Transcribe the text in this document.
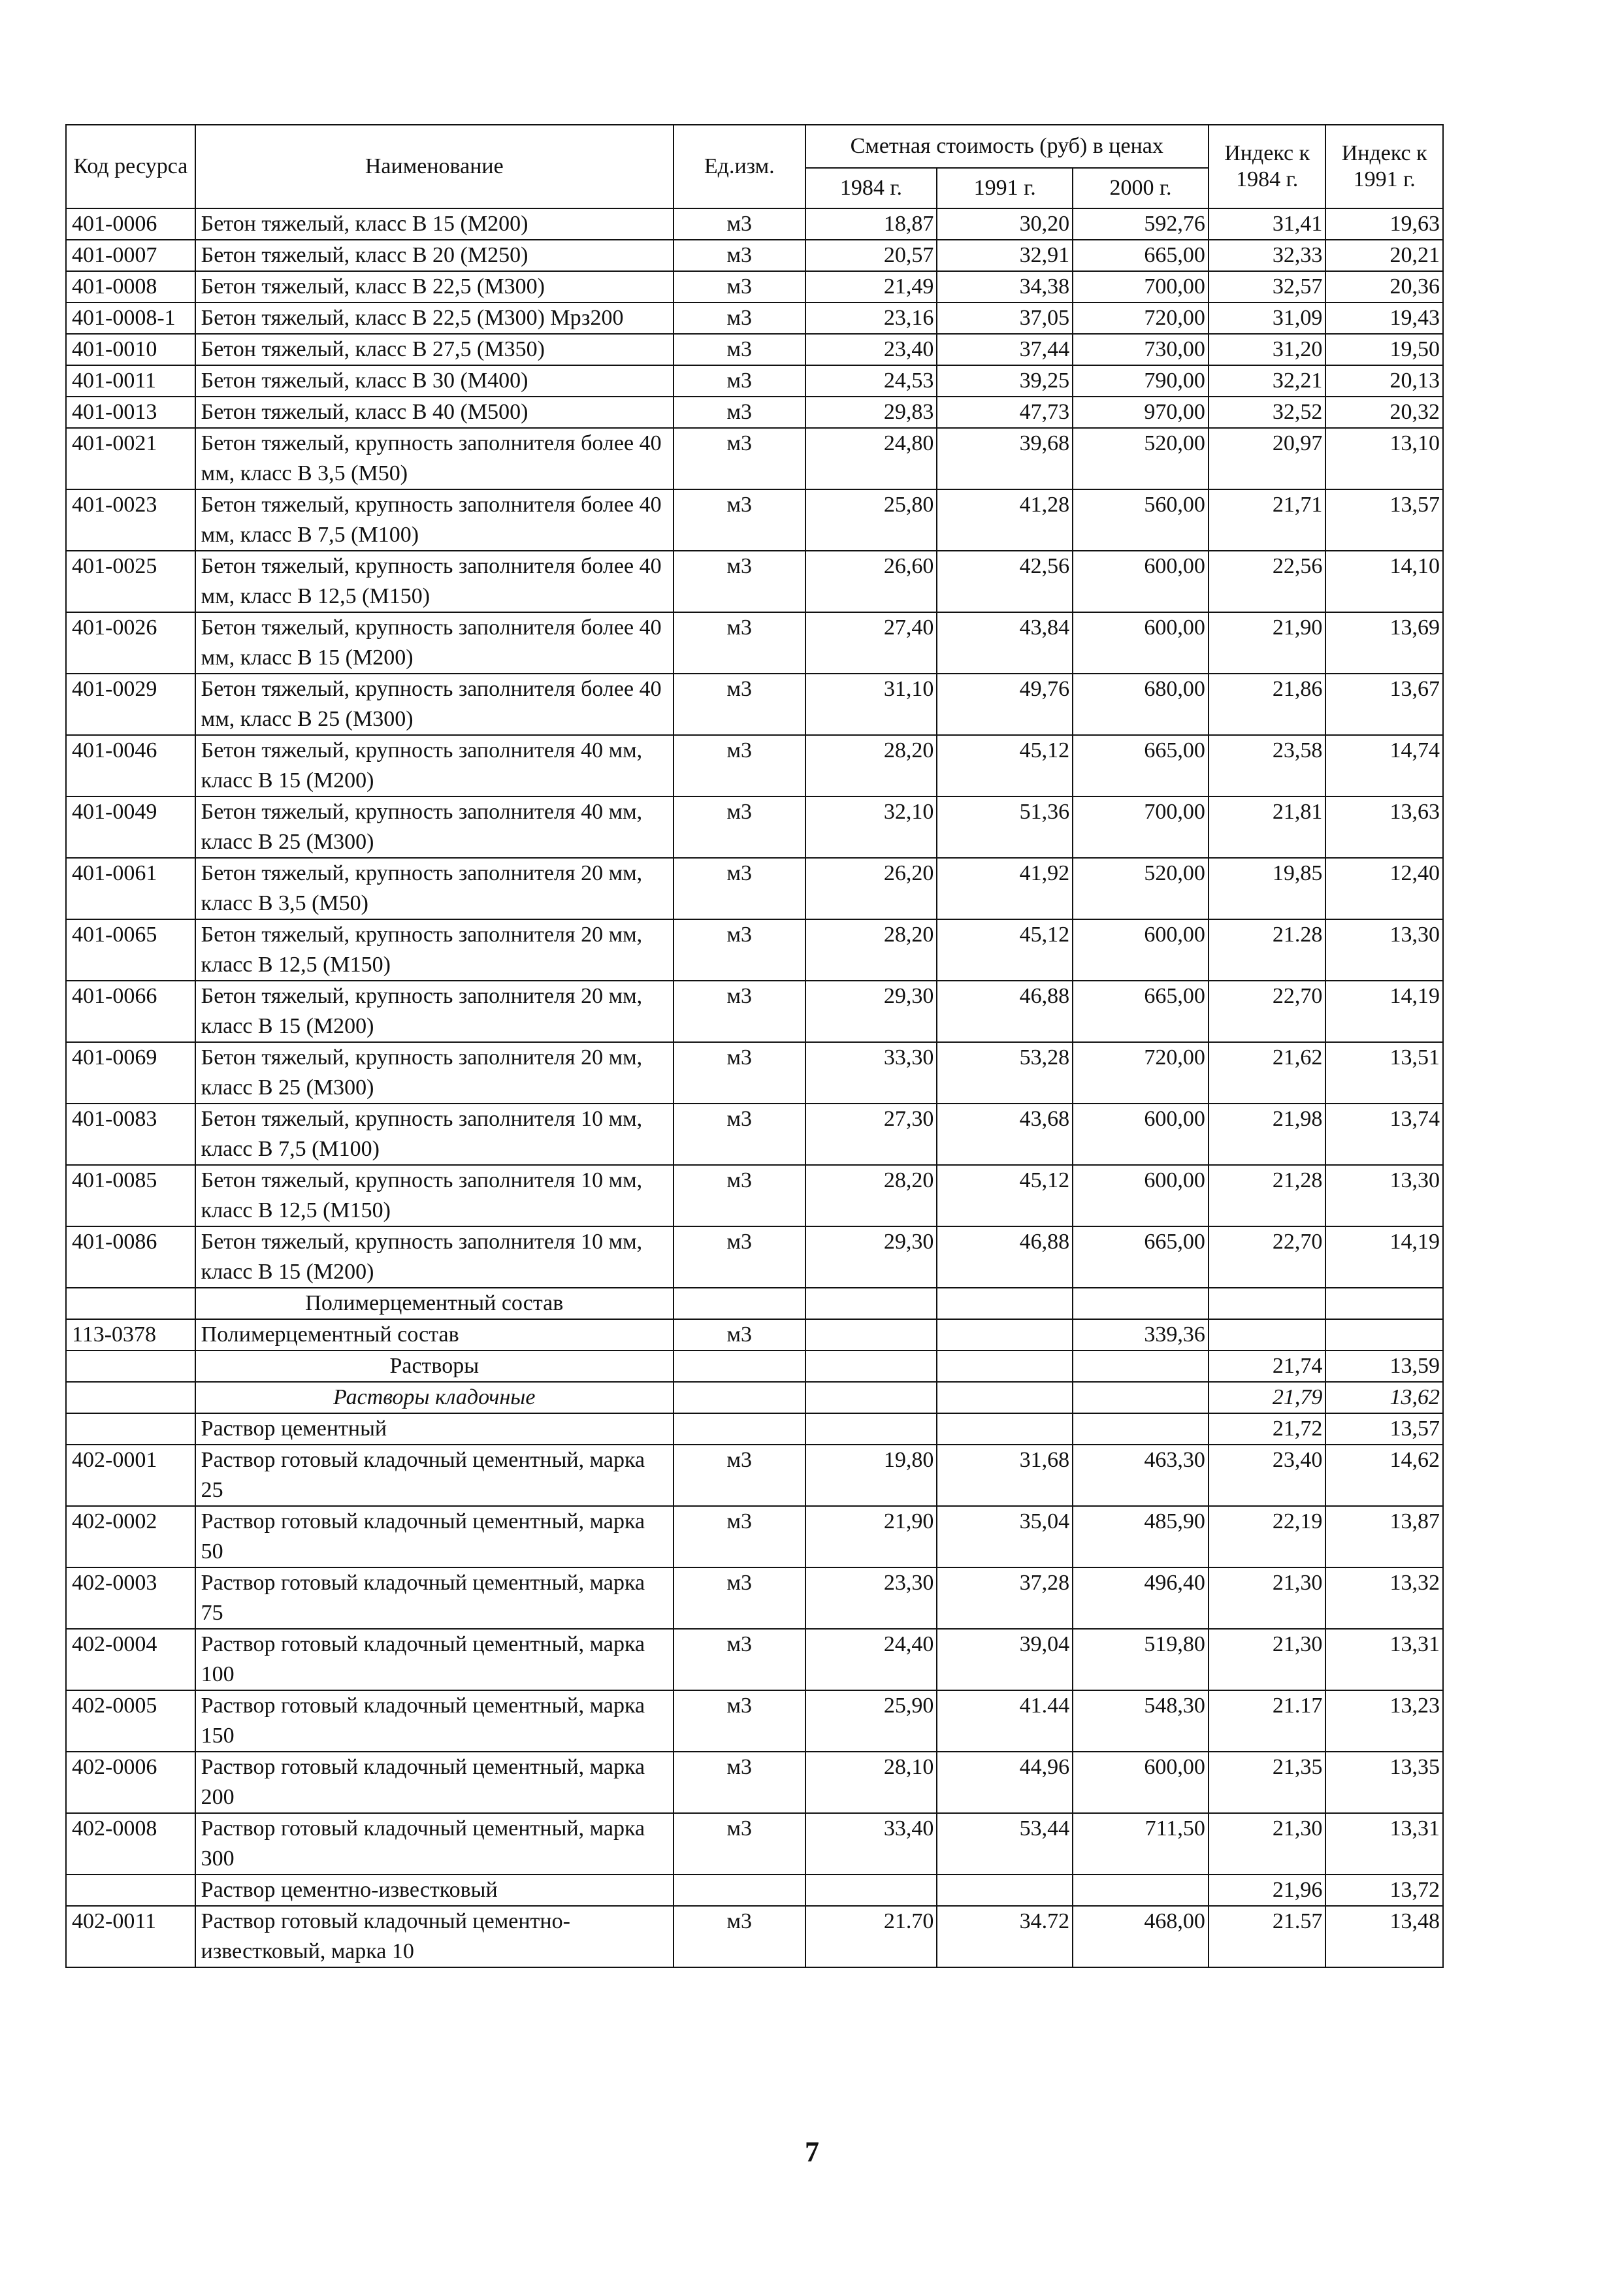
Код ресурса	Наименование	Ед.изм.	Сметная стоимость (руб) в ценах			Индекс к 1984 г.	Индекс к 1991 г.
			1984 г.	1991 г.	2000 г.		
401-0006	Бетон тяжелый, класс В 15 (М200)	м3	18,87	30,20	592,76	31,41	19,63
401-0007	Бетон тяжелый, класс В 20 (М250)	м3	20,57	32,91	665,00	32,33	20,21
401-0008	Бетон тяжелый, класс В 22,5 (М300)	м3	21,49	34,38	700,00	32,57	20,36
401-0008-1	Бетон тяжелый, класс В 22,5 (М300) Мрз200	м3	23,16	37,05	720,00	31,09	19,43
401-0010	Бетон тяжелый, класс В 27,5 (М350)	м3	23,40	37,44	730,00	31,20	19,50
401-0011	Бетон тяжелый, класс В 30 (М400)	м3	24,53	39,25	790,00	32,21	20,13
401-0013	Бетон тяжелый, класс В 40 (М500)	м3	29,83	47,73	970,00	32,52	20,32
401-0021	Бетон тяжелый, крупность заполнителя более 40 мм, класс В 3,5 (М50)	м3	24,80	39,68	520,00	20,97	13,10
401-0023	Бетон тяжелый, крупность заполнителя более 40 мм, класс В 7,5 (М100)	м3	25,80	41,28	560,00	21,71	13,57
401-0025	Бетон тяжелый, крупность заполнителя более 40 мм, класс В 12,5 (М150)	м3	26,60	42,56	600,00	22,56	14,10
401-0026	Бетон тяжелый, крупность заполнителя более 40 мм, класс В 15 (М200)	м3	27,40	43,84	600,00	21,90	13,69
401-0029	Бетон тяжелый, крупность заполнителя более 40 мм, класс В 25 (М300)	м3	31,10	49,76	680,00	21,86	13,67
401-0046	Бетон тяжелый, крупность заполнителя 40 мм, класс В 15 (М200)	м3	28,20	45,12	665,00	23,58	14,74
401-0049	Бетон тяжелый, крупность заполнителя 40 мм, класс В 25 (М300)	м3	32,10	51,36	700,00	21,81	13,63
401-0061	Бетон тяжелый, крупность заполнителя 20 мм, класс В 3,5 (М50)	м3	26,20	41,92	520,00	19,85	12,40
401-0065	Бетон тяжелый, крупность заполнителя 20 мм, класс В 12,5 (М150)	м3	28,20	45,12	600,00	21.28	13,30
401-0066	Бетон тяжелый, крупность заполнителя 20 мм, класс В 15 (М200)	м3	29,30	46,88	665,00	22,70	14,19
401-0069	Бетон тяжелый, крупность заполнителя 20 мм, класс В 25 (М300)	м3	33,30	53,28	720,00	21,62	13,51
401-0083	Бетон тяжелый, крупность заполнителя 10 мм, класс В 7,5 (М100)	м3	27,30	43,68	600,00	21,98	13,74
401-0085	Бетон тяжелый, крупность заполнителя 10 мм, класс В 12,5 (М150)	м3	28,20	45,12	600,00	21,28	13,30
401-0086	Бетон тяжелый, крупность заполнителя 10 мм, класс В 15 (М200)	м3	29,30	46,88	665,00	22,70	14,19
	Полимерцементный состав						
113-0378	Полимерцементный состав	м3			339,36		
	Растворы					21,74	13,59
	Растворы кладочные					21,79	13,62
	Раствор цементный					21,72	13,57
402-0001	Раствор готовый кладочный цементный, марка 25	м3	19,80	31,68	463,30	23,40	14,62
402-0002	Раствор готовый кладочный цементный, марка 50	м3	21,90	35,04	485,90	22,19	13,87
402-0003	Раствор готовый кладочный цементный, марка 75	м3	23,30	37,28	496,40	21,30	13,32
402-0004	Раствор готовый кладочный цементный, марка 100	м3	24,40	39,04	519,80	21,30	13,31
402-0005	Раствор готовый кладочный цементный, марка 150	м3	25,90	41.44	548,30	21.17	13,23
402-0006	Раствор готовый кладочный цементный, марка 200	м3	28,10	44,96	600,00	21,35	13,35
402-0008	Раствор готовый кладочный цементный, марка 300	м3	33,40	53,44	711,50	21,30	13,31
	Раствор цементно-известковый					21,96	13,72
402-0011	Раствор готовый кладочный цементно-известковый, марка 10	м3	21.70	34.72	468,00	21.57	13,48
7
